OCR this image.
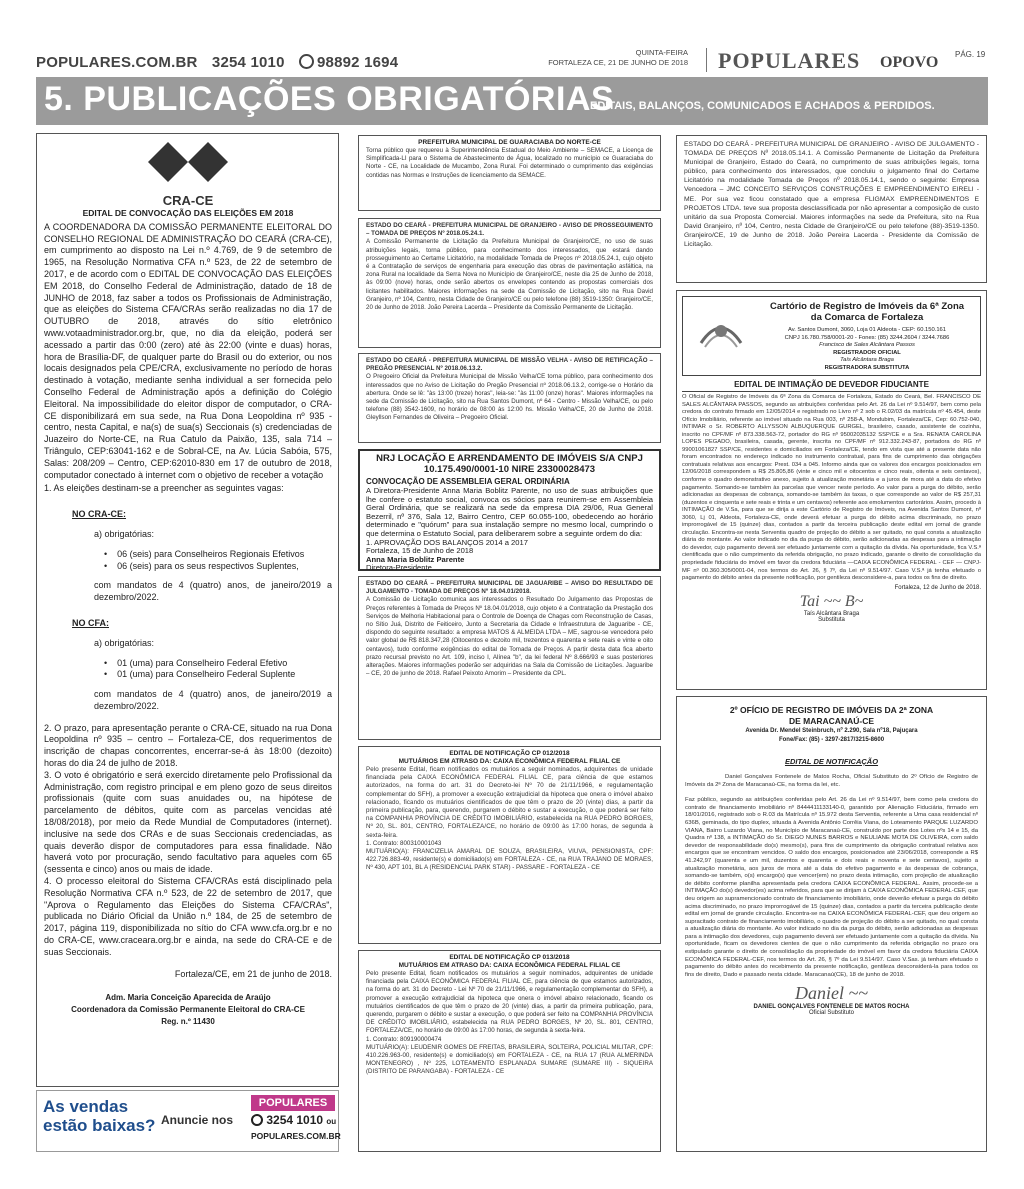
POPULARES.COM.BR 3254 1010 98892 1694
QUINTA-FEIRA
FORTALEZA CE, 21 DE JUNHO DE 2018 POPULARES OPOVO PÁG. 19
5. PUBLICAÇÕES OBRIGATÓRIAS
EDITAIS, BALANÇOS, COMUNICADOS E ACHADOS & PERDIDOS.
CRA-CE
EDITAL DE CONVOCAÇÃO DAS ELEIÇÕES EM 2018
A COORDENADORA DA COMISSÃO PERMANENTE ELEITORAL DO CONSELHO REGIONAL DE ADMINISTRAÇÃO DO CEARÁ (CRA-CE), em cumprimento ao disposto na Lei n.º 4.769, de 9 de setembro de 1965, na Resolução Normativa CFA n.º 523, de 22 de setembro de 2017, e de acordo com o EDITAL DE CONVOCAÇÃO DAS ELEIÇÕES EM 2018, do Conselho Federal de Administração, datado de 18 de JUNHO de 2018, faz saber a todos os Profissionais de Administração, que as eleições do Sistema CFA/CRAs serão realizadas no dia 17 de OUTUBRO de 2018, através do sítio eletrônico www.votaadministrador.org.br, que, no dia da eleição, poderá ser acessado a partir das 0:00 (zero) até às 22:00 (vinte e duas) horas, hora de Brasília-DF, de qualquer parte do Brasil ou do exterior, ou nos locais designados pela CPE/CRA, exclusivamente no período de horas destinado à votação, mediante senha individual a ser fornecida pelo Conselho Federal de Administração após a definição do Colégio Eleitoral. Na impossibilidade do eleitor dispor de computador, o CRA-CE disponibilizará em sua sede, na Rua Dona Leopoldina nº 935 - centro, nesta Capital, e na(s) de sua(s) Seccionais (s) credenciadas de Juazeiro do Norte-CE, na Rua Catulo da Paixão, 135, sala 714 – Triângulo, CEP:63041-162 e de Sobral-CE, na Av. Lúcia Sabóia, 575, Salas: 208/209 – Centro, CEP:62010-830 em 17 de outubro de 2018, computador conectado à internet com o objetivo de receber a votação
1. As eleições destinam-se a preencher as seguintes vagas:
NO CRA-CE:
a) obrigatórias:
•    06 (seis) para Conselheiros Regionais Efetivos
•    06 (seis) para os seus respectivos Suplentes,
com mandatos de 4 (quatro) anos, de janeiro/2019 a dezembro/2022.
NO CFA:
a) obrigatórias:
•    01 (uma) para Conselheiro Federal Efetivo
•    01 (uma) para Conselheiro Federal Suplente
com mandatos de 4 (quatro) anos, de janeiro/2019 a dezembro/2022.
2. O prazo, para apresentação perante o CRA-CE, situado na rua Dona Leopoldina nº 935 – centro – Fortaleza-CE, dos requerimentos de inscrição de chapas concorrentes, encerrar-se-á às 18:00 (dezoito) horas do dia 24 de julho de 2018.
3. O voto é obrigatório e será exercido diretamente pelo Profissional da Administração, com registro principal e em pleno gozo de seus direitos profissionais (quite com suas anuidades ou, na hipótese de parcelamento de débitos, quite com as parcelas vencidas até 18/08/2018), por meio da Rede Mundial de Computadores (internet). inclusive na sede dos CRAs e de suas Seccionais credenciadas, as quais deverão dispor de computadores para essa finalidade. Não haverá voto por procuração, sendo facultativo para aqueles com 65 (sessenta e cinco) anos ou mais de idade.
4. O processo eleitoral do Sistema CFA/CRAs está disciplinado pela Resolução Normativa CFA n.º 523, de 22 de setembro de 2017, que "Aprova o Regulamento das Eleições do Sistema CFA/CRAs", publicada no Diário Oficial da União n.º 184, de 25 de setembro de 2017, página 119, disponibilizada no sítio do CFA www.cfa.org.br e no do CRA-CE, www.craceara.org.br e ainda, na sede do CRA-CE e de suas Seccionais.
Fortaleza/CE, em 21 de junho de 2018.
Adm. Maria Conceição Aparecida de Araújo
Coordenadora da Comissão Permanente Eleitoral do CRA-CE
Reg. n.º 11430
As vendas
estão baixas? Anuncie nos
POPULARES
3254 1010 ou
POPULARES.COM.BR
PREFEITURA MUNICIPAL DE GUARACIABA DO NORTE-CE
Torna público que requereu à Superintendência Estadual do Meio Ambiente – SEMACE, a Licença de Simplificada-LI para o Sistema de Abastecimento de Água, localizado no município ce Guaraciaba do Norte - CE, na Localidade de Mucambo, Zona Rural. Foi determinado o cumprimento das exigências contidas nas Normas e Instruções de licenciamento da SEMACE.
ESTADO DO CEARÁ - PREFEITURA MUNICIPAL DE GRANJEIRO - AVISO DE PROSSEGUIMENTO – TOMADA DE PREÇOS Nº 2018.05.24.1.
A Comissão Permanente de Licitação da Prefeitura Municipal de Granjeiro/CE, no uso de suas atribuições legais, torna público, para conhecimento dos interessados, que estará dando prosseguimento ao Certame Licitatório, na modalidade Tomada de Preços nº 2018.05.24.1, cujo objeto é a Contratação de serviços de engenharia para execução das obras de pavimentação asfáltica, na zona Rural na localidade da Serra Nova no Município de Granjeiro/CE, neste dia 25 de Junho de 2018, às 09:00 (nove) horas, onde serão abertos os envelopes contendo as propostas comerciais dos licitantes habilitados. Maiores informações na sede da Comissão de Licitação, sito na Rua David Granjeiro, nº 104, Centro, nesta Cidade de Granjeiro/CE ou pelo telefone (88) 3519-1350: Granjeiro/CE, 20 de Junho de 2018. João Pereira Lacerda – Presidente da Comissão Permanente de Licitação.
ESTADO DO CEARÁ - PREFEITURA MUNICIPAL DE MISSÃO VELHA - AVISO DE RETIFICAÇÃO – PREGÃO PRESENCIAL Nº 2018.06.13.2.
O Pregoeiro Oficial da Prefeitura Municipal de Missão Velha/CE torna público, para conhecimento dos interessados que no Aviso de Licitação do Pregão Presencial nº 2018.06.13.2, corrige-se o Horário da abertura. Onde se lê: "às 13:00 (treze) horas", leia-se: "às 11:00 (onze) horas". Maiores informações na sede da Comissão de Licitação, sito na Rua Santos Dumont, nº 64 - Centro - Missão Velha/CE, ou pelo telefone (88) 3542-1609, no horário de 08:00 às 12:00 hs. Missão Velha/CE, 20 de Junho de 2018. Gleyllson Fernandes de Oliveira – Pregoeiro Oficial.
NRJ LOCAÇÃO E ARRENDAMENTO DE IMÓVEIS S/A CNPJ
10.175.490/0001-10 NIRE 23300028473
CONVOCAÇÃO DE ASSEMBLEIA GERAL ORDINÁRIA
A Diretora-Presidente Anna Maria Boblitz Parente, no uso de suas atribuições que lhe confere o estatuto social, convoca os sócios para reunirem-se em Assembleia Geral Ordinária, que se realizará na sede da empresa DIA 29/06, Rua General Bezerril, nº 376, Sala 12, Bairro Centro, CEP 60.055-100, obedecendo ao horário determinado e "quórum" para sua instalação sempre no mesmo local, cumprindo o que determina o Estatuto Social, para deliberarem sobre a seguinte ordem do dia:
1. APROVAÇÃO DOS BALANÇOS 2014 a 2017
Fortaleza, 15 de Junho de 2018
Anna Maria Boblitz Parente
Diretora-Presidente
ESTADO DO CEARÁ – PREFEITURA MUNICIPAL DE JAGUARIBE – AVISO DO RESULTADO DE JULGAMENTO - TOMADA DE PREÇOS Nº 18.04.01/2018.
A Comissão de Licitação comunica aos interessados o Resultado Do Julgamento das Propostas de Preços referentes à Tomada de Preços Nº 18.04.01/2018, cujo objeto é a Contratação da Prestação dos Serviços de Melhoria Habitacional para o Controle de Doença de Chagas com Reconstrução de Casas, no Sítio Juá, Distrito de Feiticeiro, Junto a Secretaria da Cidade e Infraestrutura de Jaguaribe - CE, dispondo do seguinte resultado: a empresa MATOS & ALMEIDA LTDA – ME, sagrou-se vencedora pelo valor global de R$ 818.347,28 (Oitocentos e dezoito mil, trezentos e quarenta e sete reais e vinte e oito centavos), tudo conforme exigências do edital de Tomada de Preços. A partir desta data fica aberto prazo recursal previsto no Art. 109, inciso I, Alínea "b", da lei federal Nº 8.666/93 e suas posteriores alterações. Maiores informações poderão ser adquiridas na Sala da Comissão de Licitações. Jaguaribe – CE, 20 de junho de 2018. Rafael Peixoto Amorim – Presidente da CPL.
EDITAL DE NOTIFICAÇÃO CP 012/2018
MUTUÁRIOS EM ATRASO DA: CAIXA ECONÔMICA FEDERAL FILIAL CE
Pelo presente Edital, ficam notificados os mutuários a seguir nominados, adquirentes de unidade financiada pela CAIXA ECONÔMICA FEDERAL FILIAL CE, para ciência de que estamos autorizados, na forma do art. 31 do Decreto-lei Nº 70 de 21/11/1966, e regulamentação complementar do SFH), a promover a execução extrajudicial da hipoteca que onera o imóvel abaixo relacionado, ficando os mutuários cientificados de que têm o prazo de 20 (vinte) dias, a partir da primeira publicação, para, querendo, purgarem o débito e sustar a execução, o que poderá ser feito na COMPANHIA PROVÍNCIA DE CRÉDITO IMOBILIÁRIO, estabelecida na RUA PEDRO BORGES, Nº 20, SL. 801, CENTRO, FORTALEZA/CE, no horário de 09:00 às 17:00 horas, de segunda à sexta-feira.
1. Contrato: 800310001043
MUTUÁRIO(A): FRANCIZELIA AMARAL DE SOUZA, BRASILEIRA, VIUVA, PENSIONISTA, CPF: 422.726.883-49, residente(s) e domiciliado(s) em FORTALEZA - CE, na RUA TRAJANO DE MORAES, Nº 430, APT 101, BL A (RESIDENCIAL PARK STAR) - PASSARE - FORTALEZA - CE
EDITAL DE NOTIFICAÇÃO CP 013/2018
MUTUÁRIOS EM ATRASO DA: CAIXA ECONÔMICA FEDERAL FILIAL CE
Pelo presente Edital, ficam notificados os mutuários a seguir nominados, adquirentes de unidade financiada pela CAIXA ECONÔMICA FEDERAL FILIAL CE, para ciência de que estamos autorizados, na forma do art. 31 do Decreto - Lei Nº 70 de 21/11/1966, e regulamentação complementar do SFH), a promover a execução extrajudicial da hipoteca que onera o imóvel abaixo relacionado, ficando os mutuários cientificados de que têm o prazo de 20 (vinte) dias, a partir da primeira publicação, para, querendo, purgarem o débito e sustar a execução, o que poderá ser feito na COMPANHIA PROVÍNCIA DE CRÉDITO IMOBILIÁRIO, estabelecida na RUA PEDRO BORGES, Nº 20, SL. 801, CENTRO, FORTALEZA/CE, no horário de 09:00 às 17:00 horas, de segunda à sexta-feira.
1. Contrato: 809190000474
MUTUÁRIO(A): LEUDENIR GOMES DE FREITAS, BRASILEIRA, SOLTEIRA, POLICIAL MILITAR, CPF: 410.226.963-00, residente(s) e domiciliado(s) em FORTALEZA - CE, na RUA 17 (RUA ALMERINDA MONTENEGRO) , Nº 225, LOTEAMENTO ESPLANADA SUMARE (SUMARE III) - SIQUEIRA (DISTRITO DE PARANGABA) - FORTALEZA - CE
ESTADO DO CEARÁ - PREFEITURA MUNICIPAL DE GRANJEIRO - AVISO DE JULGAMENTO - TOMADA DE PREÇOS Nº 2018.05.14.1. A Comissão Permanente de Licitação da Prefeitura Municipal de Granjeiro, Estado do Ceará, no cumprimento de suas atribuições legais, torna público, para conhecimento dos interessados, que concluiu o julgamento final do Certame Licitatório na modalidade Tomada de Preços nº 2018.05.14.1, sendo o seguinte: Empresa Vencedora – JMC CONCEITO SERVIÇOS CONSTRUÇÕES E EMPREENDIMENTO EIRELI - ME. Por sua vez ficou constatado que a empresa FLIGMAX EMPREENDIMENTOS E PROJETOS LTDA. teve sua proposta desclassificada por não apresentar a composição de custo unitário da sua Proposta Comercial. Maiores informações na sede da Prefeitura, sito na Rua David Granjeiro, nº 104, Centro, nesta Cidade de Granjeiro/CE ou pelo telefone (88)-3519-1350. Granjeiro/CE, 19 de Junho de 2018. João Pereira Lacerda - Presidente da Comissão de Licitação.
Cartório de Registro de Imóveis da 6ª Zona
da Comarca de Fortaleza
Av. Santos Dumont, 3060, Loja 01 Aldeota - CEP: 60.150.161
CNPJ 16.780.758/0001-20 - Fones: (85) 3244.2604 / 3244.7686
Francisco de Sales Alcântara Passos
REGISTRADOR OFICIAL
Taís Alcântara Braga
REGISTRADORA SUBSTITUTA
EDITAL DE INTIMAÇÃO DE DEVEDOR FIDUCIANTE
O Oficial de Registro de Imóveis da 6ª Zona da Comarca de Fortaleza, Estado do Ceará, Bel. FRANCISCO DE SALES ALCÂNTARA PASSOS, segundo as atribuições conferidas pelo Art. 26 da Lei nº 9.514/97, bem como pela credora do contrato firmado em 12/05/2014 e registrado no Livro nº 2 sob o R.02/03 da matrícula nº 45.454, deste Ofício Imobiliário, referente ao imóvel situado na Rua 003, nº 258-A, Mondubim, Fortaleza/CE, Cep: 60.752-040, INTIMAR o Sr. ROBERTO ALLYSSON ALBUQUERQUE GURGEL, brasileiro, casado, assistente de cozinha, inscrito no CPF/MF nº 873.338.563-72, portador do RG nº 95002035132 SSP/CE e a Sra. RENATA CAROLINA LOPES PEGADO, brasileira, casada, gerente, inscrita no CPF/MF nº 912.332.243-87, portadora do RG nº 99001061827 SSP/CE, residentes e domiciliados em Fortaleza/CE, tendo em vista que até a presente data não foram encontrados no endereço indicado no instrumento contratual, para fins de cumprimento das obrigações contratuais relativas aos encargos: Prest. 034 a 045. Informo ainda que os valores dos encargos posicionados em 12/06/2018 correspondem a R$ 25.805,86 (vinte e cinco mil e oitocentos e cinco reais, oitenta e seis centavos), conforme o quadro demonstrativo anexo, sujeito à atualização monetária e a juros de mora até a data do efetivo pagamento. Somando-se também às parcelas que vencer neste período. Ao valor para a purga do débito, serão adicionadas as despesas de cobrança, somando-se também às taxas, o que corresponde ao valor de R$ 257,31 (duzentos e cinquenta e sete reais e trinta e um centavos) referente aos emolumentos cartorários. Assim, procedo à INTIMAÇÃO de V.Sa, para que se dirija a este Cartório de Registro de Imóveis, na Avenida Santos Dumont, nº 3060, Lj 01, Aldeota, Fortaleza-CE, onde deverá efetuar a purga do débito acima discriminado, no prazo improrrogável de 15 (quinze) dias, contados a partir da terceira publicação deste edital em jornal de grande circulação. Encontra-se nesta Serventia quadro de projeção do débito a ser quitado, no qual consta a atualização diária do montante. Ao valor indicado no dia da purga do débito, serão adicionadas as despesas para a intimação do devedor, cujo pagamento deverá ser efetuado juntamente com a quitação da dívida. Na oportunidade, fica V.S.ª cientificada que o não cumprimento da referida obrigação, no prazo indicado, garante o direito de consolidação da propriedade fiduciária do imóvel em favor da credora fiduciária —CAIXA ECONÔMICA FEDERAL - CEF — CNPJ-MF nº 00.360.305/0001-04, nos termos do Art. 26, § 7º, da Lei nº 9.514/97. Caso V.S.ª já tenha efetuado o pagamento do débito antes da presente notificação, por gentileza desconsidere-a, para todos os fins de direito.
Fortaleza, 12 de Junho de 2018.
Tai ~~ B~
Taís Alcântara Braga
Substituta
2º OFÍCIO DE REGISTRO DE IMÓVEIS DA 2ª ZONA
DE MARACANAÚ-CE
Avenida Dr. Mendel Steinbruch, nº 2.290, Sala nº18, Pajuçara
Fone/Fax: (85) - 3297-2817/3215-8600
EDITAL DE NOTIFICAÇÃO
Daniel Gonçalves Fontenele de Matos Rocha, Oficial Substituto do 2º Ofício de Registro de Imóveis da 2ª Zona de Maracanaú-CE, na forma da lei, etc.
Faz público, segundo as atribuições conferidas pelo Art. 26 da Lei nº 9.514/97, bem como pela credora do contrato de financiamento imobiliário nº 8444411133140-0, garantido por Alienação Fiduciária, firmado em 18/01/2016, registrado sob o R.03 da Matrícula nº 15.972 desta Serventia, referente a Uma casa residencial nº 636B, geminada, do tipo duplex, situada à Avenida Antônio Corrêia Viana, do Loteamento PARQUE LUZARDO VIANA, Bairro Luzardo Viana, no Município de Maracanaú-CE, construído por parte dos Lotes nºs 14 e 15, da Quadra nº 138, a INTIMAÇÃO do Sr. DIEGO NUNES BARROS e NEULIANE MOTA DE OLIVEIRA, com saldo devedor de responsabilidade do(s) mesmo(s), para fins de cumprimento da obrigação contratual relativa aos encargos que se encontram vencidos. O saldo dos encargos, posicionados até 23/06/2018, corresponde a R$ 41.242,97 (quarenta e um mil, duzentos e quarenta e dois reais e noventa e sete centavos), sujeito a atualização monetária, aos juros de mora até a data do efetivo pagamento e às despesas de cobrança, somando-se também, o(s) encargo(s) que vencer(em) no prazo desta intimação, com projeção de atualização de débito conforme planilha apresentada pela credora CAIXA ECONÔMICA FEDERAL. Assim, procede-se a INTIMAÇÃO do(s) devedor(es) acima referidos, para que se dirijam à CAIXA ECONÔMICA FEDERAL-CEF, que deu origem ao supramencionado contrato de financiamento imobiliário, onde deverão efetuar a purga do débito acima discriminado, no prazo improrrogável de 15 (quinze) dias, contados a partir da terceira publicação deste edital em jornal de grande circulação. Encontra-se na CAIXA ECONÔMICA FEDERAL-CEF, que deu origem ao supracitado contrato de financiamento imobiliário, o quadro de projeção do débito a ser quitado, no qual consta a atualização diária do montante. Ao valor indicado no dia da purga do débito, serão adicionadas as despesas para a intimação dos devedores, cujo pagamento deverá ser efetuado juntamente com a quitação da dívida. Na oportunidade, ficam os devedores cientes de que o não cumprimento da referida obrigação no prazo ora estipulado garante o direito de consolidação da propriedade do imóvel em favor da credora fiduciária CAIXA ECONÔMICA FEDERAL-CEF, nos termos do Art. 26, § 7º da Lei 9.514/97. Caso V.Sas. já tenham efetuado o pagamento do débito antes do recebimento da presente notificação, gentileza desconsiderá-la para todos os fins de direito, Dado e passado nesta cidade. Maracanaú(CE), 18 de junho de 2018.
Daniel ~~
DANIEL GONÇALVES FONTENELE DE MATOS ROCHA
Oficial Substituto
